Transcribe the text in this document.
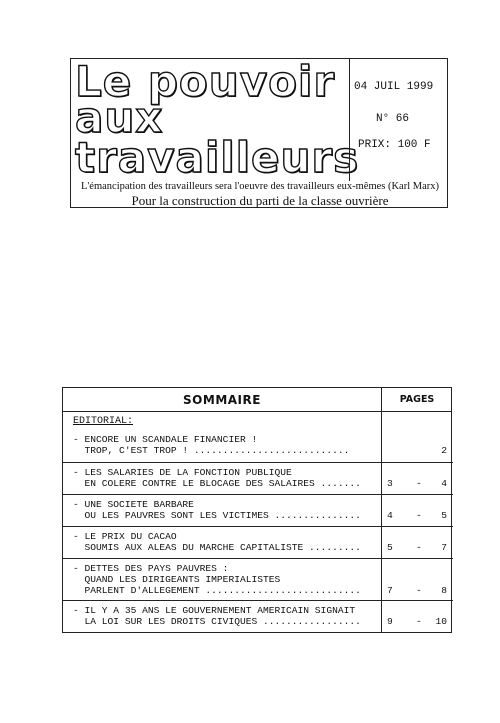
Le pouvoir
aux
travailleurs
04 JUIL 1999
N° 66
PRIX: 100 F
L'émancipation des travailleurs sera l'oeuvre des travailleurs eux-mêmes (Karl Marx)
Pour la construction du parti de la classe ouvrière
SOMMAIRE	PAGES
EDITORIAL:
- ENCORE UN SCANDALE FINANCIER !
TROP, C'EST TROP ! ...........................	2
- LES SALARIES DE LA FONCTION PUBLIQUE
EN COLERE CONTRE LE BLOCAGE DES SALAIRES .......	3 - 4
- UNE SOCIETE BARBARE
OU LES PAUVRES SONT LES VICTIMES ...............	4 - 5
- LE PRIX DU CACAO
SOUMIS AUX ALEAS DU MARCHE CAPITALISTE .........	5 - 7
- DETTES DES PAYS PAUVRES :
QUAND LES DIRIGEANTS IMPERIALISTES
PARLENT D'ALLEGEMENT ...........................	7 - 8
- IL Y A 35 ANS LE GOUVERNEMENT AMERICAIN SIGNAIT
LA LOI SUR LES DROITS CIVIQUES .................	9 - 10
